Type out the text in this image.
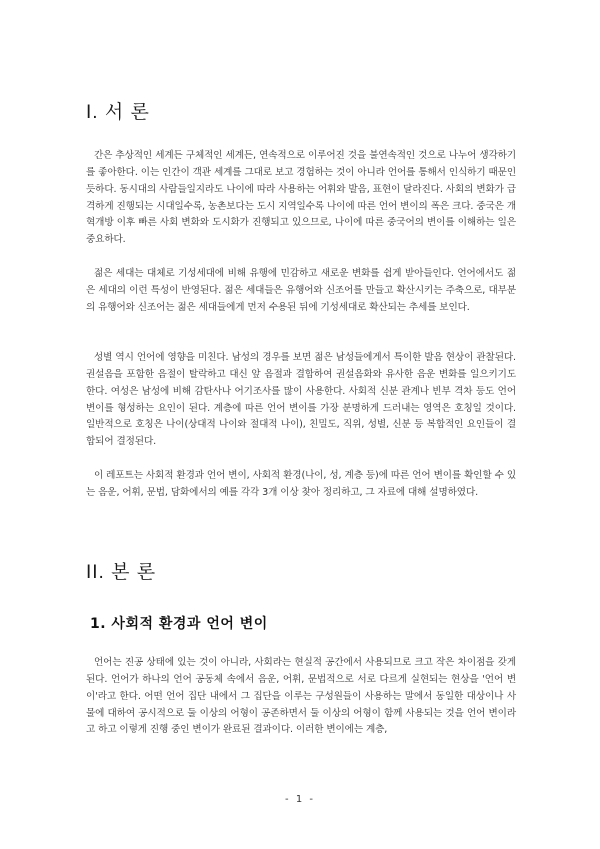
I. 서 론

간은 추상적인 세계든 구체적인 세계든, 연속적으로 이루어진 것을 불연속적인 것으로 나누어 생각하기를 좋아한다. 이는 인간이 객관 세계를 그대로 보고 경험하는 것이 아니라 언어를 통해서 인식하기 때문인 듯하다. 동시대의 사람들일지라도 나이에 따라 사용하는 어휘와 발음, 표현이 달라진다. 사회의 변화가 급격하게 진행되는 시대일수록, 농촌보다는 도시 지역일수록 나이에 따른 언어 변이의 폭은 크다. 중국은 개혁개방 이후 빠른 사회 변화와 도시화가 진행되고 있으므로, 나이에 따른 중국어의 변이를 이해하는 일은 중요하다.

젊은 세대는 대체로 기성세대에 비해 유행에 민감하고 새로운 변화를 쉽게 받아들인다. 언어에서도 젊은 세대의 이런 특성이 반영된다. 젊은 세대들은 유행어와 신조어를 만들고 확산시키는 주축으로, 대부분의 유행어와 신조어는 젊은 세대들에게 먼저 수용된 뒤에 기성세대로 확산되는 추세를 보인다.

성별 역시 언어에 영향을 미친다. 남성의 경우를 보면 젊은 남성들에게서 특이한 발음 현상이 관찰된다. 권설음을 포함한 음절이 탈락하고 대신 앞 음절과 결합하여 권설음화와 유사한 음운 변화를 일으키기도 한다. 여성은 남성에 비해 감탄사나 어기조사를 많이 사용한다. 사회적 신분 관계나 빈부 격차 등도 언어 변이를 형성하는 요인이 된다. 계층에 따른 언어 변이를 가장 분명하게 드러내는 영역은 호칭일 것이다. 일반적으로 호칭은 나이(상대적 나이와 절대적 나이), 친밀도, 직위, 성별, 신분 등 복합적인 요인들이 결합되어 결정된다.

이 레포트는 사회적 환경과 언어 변이, 사회적 환경(나이, 성, 계층 등)에 따른 언어 변이를 확인할 수 있는 음운, 어휘, 문법, 담화에서의 예를 각각 3개 이상 찾아 정리하고, 그 자료에 대해 설명하였다.

II. 본 론
1. 사회적 환경과 언어 변이

언어는 진공 상태에 있는 것이 아니라, 사회라는 현실적 공간에서 사용되므로 크고 작은 차이점을 갖게 된다. 언어가 하나의 언어 공동체 속에서 음운, 어휘, 문법적으로 서로 다르게 실현되는 현상을 '언어 변이'라고 한다. 어떤 언어 집단 내에서 그 집단을 이루는 구성원들이 사용하는 말에서 동일한 대상이나 사물에 대하여 공시적으로 둘 이상의 어형이 공존하면서 둘 이상의 어형이 함께 사용되는 것을 언어 변이라고 하고 이렇게 진행 중인 변이가 완료된 결과이다. 이러한 변이에는 계층,

- 1 -
